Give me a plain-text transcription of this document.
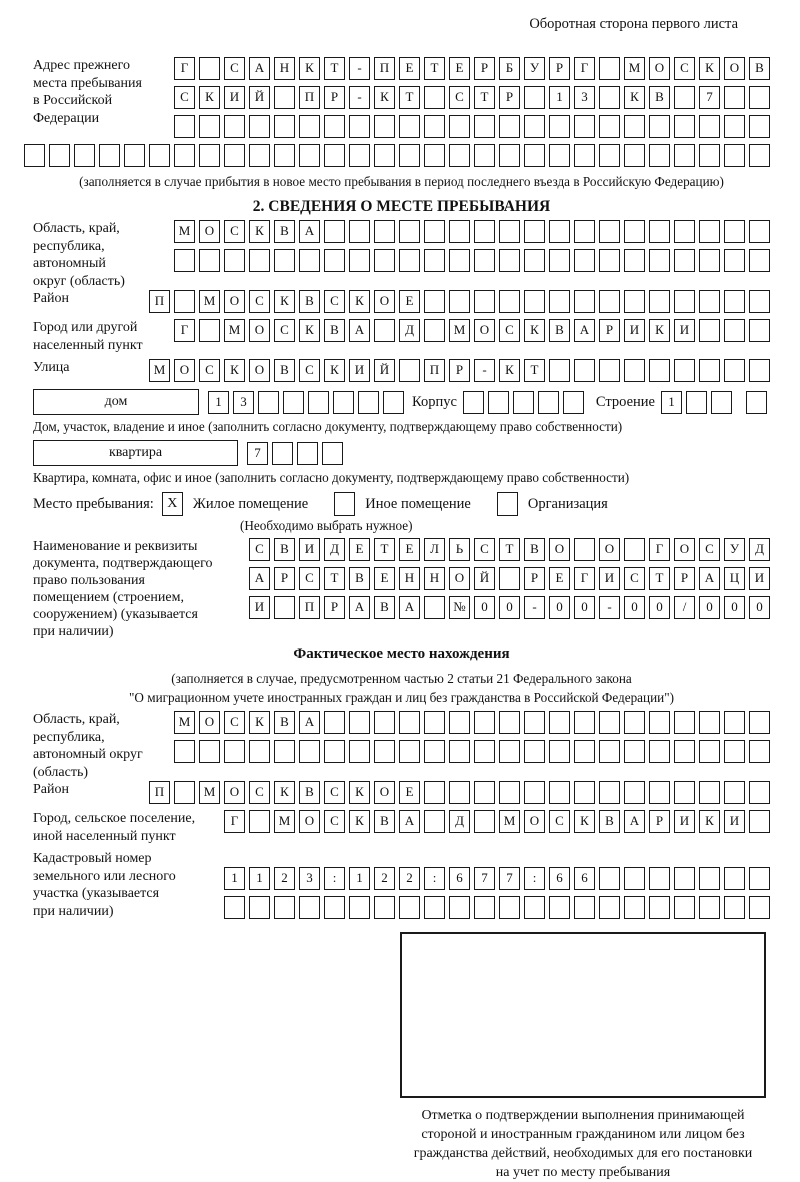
Оборотная сторона первого листа
Адрес прежнего
места пребывания
в Российской
Федерации
Г	С	А	Н	К	Т	-	П	Е	Т	Е	Р	Б	У	Р	Г	М	О	С	К	О	В
С	К	И	Й	П	Р	-	К	Т	С	Т	Р	1	3	К	В	7
(заполняется в случае прибытия в новое место пребывания в период последнего въезда в Российскую Федерацию)
2. СВЕДЕНИЯ О МЕСТЕ ПРЕБЫВАНИЯ
Область, край,
республика,
автономный
округ (область)
М	О	С	К	В	А
Район	П	М	О	С	К	В	С	К	О	Е
Город или другой
населенный пункт
Г	М	О	С	К	В	А	Д	М	О	С	К	В	А	Р	И	К	И
Улица	М	О	С	К	О	В	С	К	И	Й	П	Р	-	К	Т
дом	1	3	Корпус	Строение	1
Дом, участок, владение и иное (заполнить согласно документу, подтверждающему право собственности)
квартира	7
Квартира, комната, офис и иное (заполнить согласно документу, подтверждающему право собственности)
Место пребывания: X	Жилое помещение	Иное помещение	Организация
(Необходимо выбрать нужное)
Наименование и реквизиты
документа, подтверждающего
право пользования
помещением (строением,
сооружением) (указывается
при наличии)
С	В	И	Д	Е	Т	Е	Л	Ь	С	Т	В	О	О	Г	О	С	У	Д
А	Р	С	Т	В	Е	Н	Н	О	Й	Р	Е	Г	И	С	Т	Р	А	Ц	И
И	П	Р	А	В	А	№	0	0	-	0	0	-	0	0	/	0	0	0
Фактическое место нахождения
(заполняется в случае, предусмотренном частью 2 статьи 21 Федерального закона
"О миграционном учете иностранных граждан и лиц без гражданства в Российской Федерации")
Область, край,
республика,
автономный округ
(область)
М	О	С	К	В	А
Район	П	М	О	С	К	В	С	К	О	Е
Город, сельское поселение,
иной населенный пункт
Г	М	О	С	К	В	А	Д	М	О	С	К	В	А	Р	И	К	И
Кадастровый номер
земельного или лесного
участка (указывается
при наличии)
1	1	2	3	:	1	2	2	:	6	7	7	:	6	6
Отметка о подтверждении выполнения принимающей
стороной и иностранным гражданином или лицом без
гражданства действий, необходимых для его постановки
на учет по месту пребывания
